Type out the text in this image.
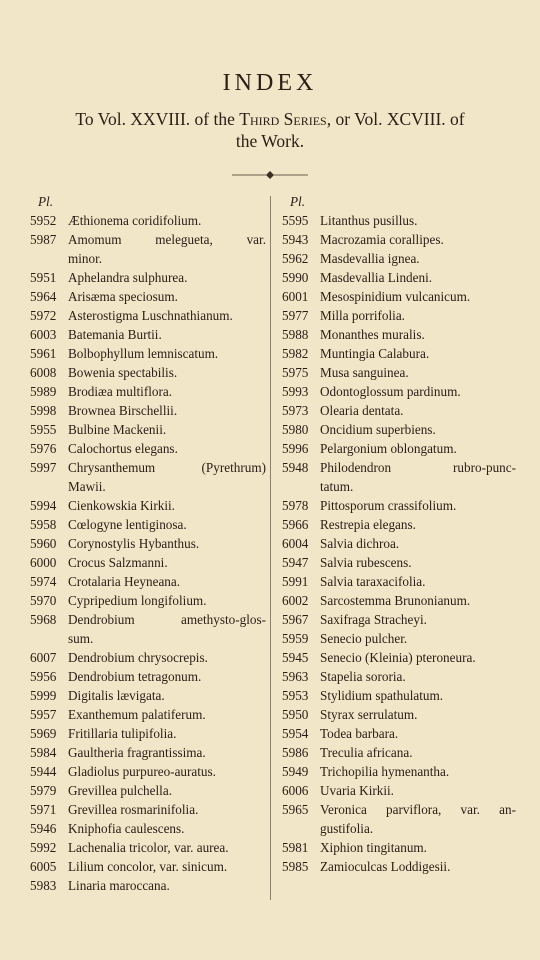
INDEX
To Vol. XXVIII. of the Third Series, or Vol. XCVIII. of
the Work.
Pl.
5952 Æthionema coridifolium.
5987 Amomum melegueta, var.
minor.
5951 Aphelandra sulphurea.
5964 Arisæma speciosum.
5972 Asterostigma Luschnathianum.
6003 Batemania Burtii.
5961 Bolbophyllum lemniscatum.
6008 Bowenia spectabilis.
5989 Brodiæa multiflora.
5998 Brownea Birschellii.
5955 Bulbine Mackenii.
5976 Calochortus elegans.
5997 Chrysanthemum (Pyrethrum)
Mawii.
5994 Cienkowskia Kirkii.
5958 Cœlogyne lentiginosa.
5960 Corynostylis Hybanthus.
6000 Crocus Salzmanni.
5974 Crotalaria Heyneana.
5970 Cypripedium longifolium.
5968 Dendrobium amethysto-glos-
sum.
6007 Dendrobium chrysocrepis.
5956 Dendrobium tetragonum.
5999 Digitalis lævigata.
5957 Exanthemum palatiferum.
5969 Fritillaria tulipifolia.
5984 Gaultheria fragrantissima.
5944 Gladiolus purpureo-auratus.
5979 Grevillea pulchella.
5971 Grevillea rosmarinifolia.
5946 Kniphofia caulescens.
5992 Lachenalia tricolor, var. aurea.
6005 Lilium concolor, var. sinicum.
5983 Linaria maroccana.
Pl.
5595 Litanthus pusillus.
5943 Macrozamia corallipes.
5962 Masdevallia ignea.
5990 Masdevallia Lindeni.
6001 Mesospinidium vulcanicum.
5977 Milla porrifolia.
5988 Monanthes muralis.
5982 Muntingia Calabura.
5975 Musa sanguinea.
5993 Odontoglossum pardinum.
5973 Olearia dentata.
5980 Oncidium superbiens.
5996 Pelargonium oblongatum.
5948 Philodendron rubro-punc-
tatum.
5978 Pittosporum crassifolium.
5966 Restrepia elegans.
6004 Salvia dichroa.
5947 Salvia rubescens.
5991 Salvia taraxacifolia.
6002 Sarcostemma Brunonianum.
5967 Saxifraga Stracheyi.
5959 Senecio pulcher.
5945 Senecio (Kleinia) pteroneura.
5963 Stapelia sororia.
5953 Stylidium spathulatum.
5950 Styrax serrulatum.
5954 Todea barbara.
5986 Treculia africana.
5949 Trichopilia hymenantha.
6006 Uvaria Kirkii.
5965 Veronica parviflora, var. an-
gustifolia.
5981 Xiphion tingitanum.
5985 Zamioculcas Loddigesii.
